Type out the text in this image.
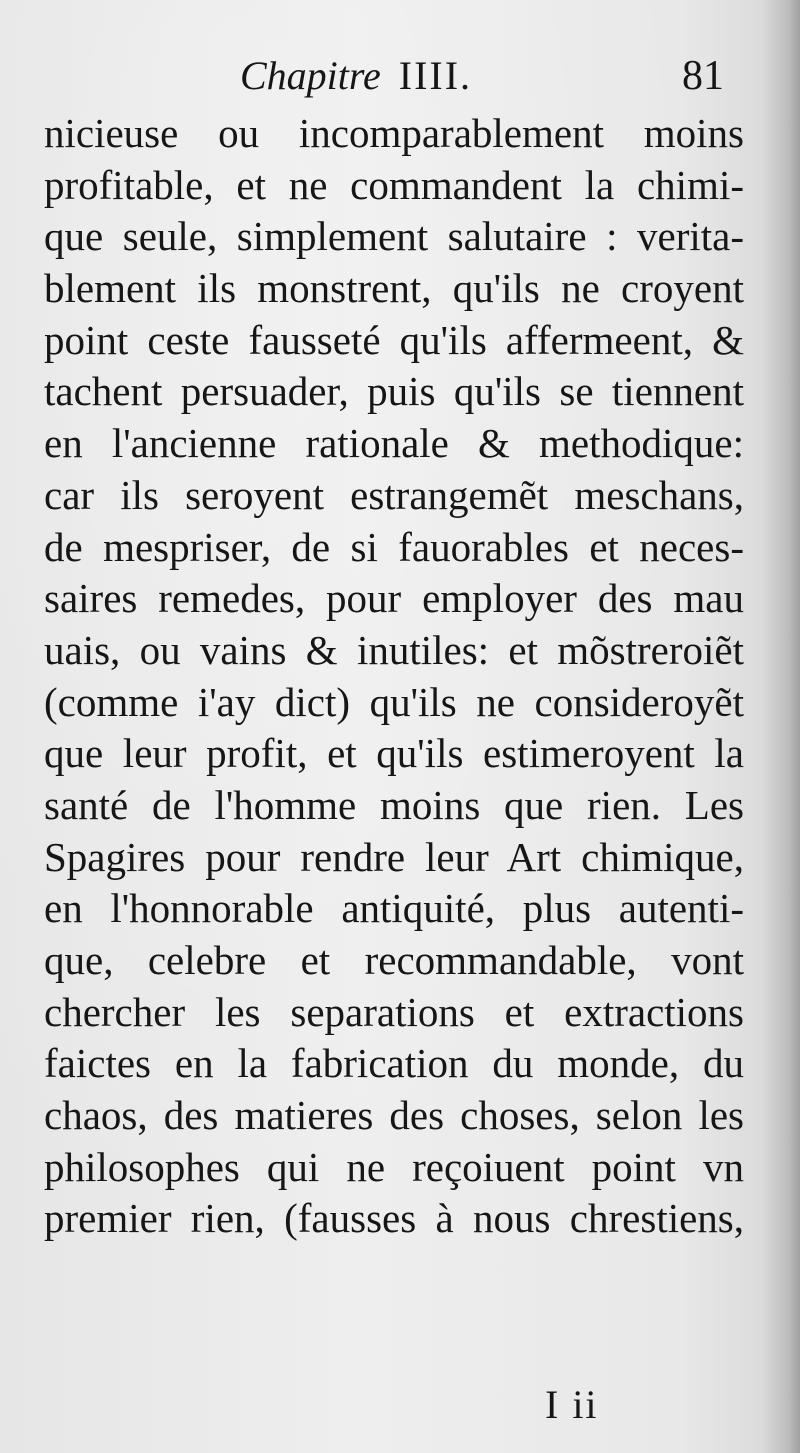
Chapitre IIII.	81
nicieuse ou incomparablement moins
profitable, et ne commandent la chimi-
que seule, simplement salutaire : verita-
blement ils monstrent, qu'ils ne croyent
point ceste fausseté qu'ils affermeent, &
tachent persuader, puis qu'ils se tiennent
en l'ancienne rationale & methodique:
car ils seroyent estrangemẽt meschans,
de mespriser, de si fauorables et neces-
saires remedes, pour employer des mau
uais, ou vains & inutiles: et mõstreroiẽt
(comme i'ay dict) qu'ils ne consideroyẽt
que leur profit, et qu'ils estimeroyent la
santé de l'homme moins que rien. Les
Spagires pour rendre leur Art chimique,
en l'honnorable antiquité, plus autenti-
que, celebre et recommandable, vont
chercher les separations et extractions
faictes en la fabrication du monde, du
chaos, des matieres des choses, selon les
philosophes qui ne reçoiuent point vn
premier rien, (fausses à nous chrestiens,
I ii
